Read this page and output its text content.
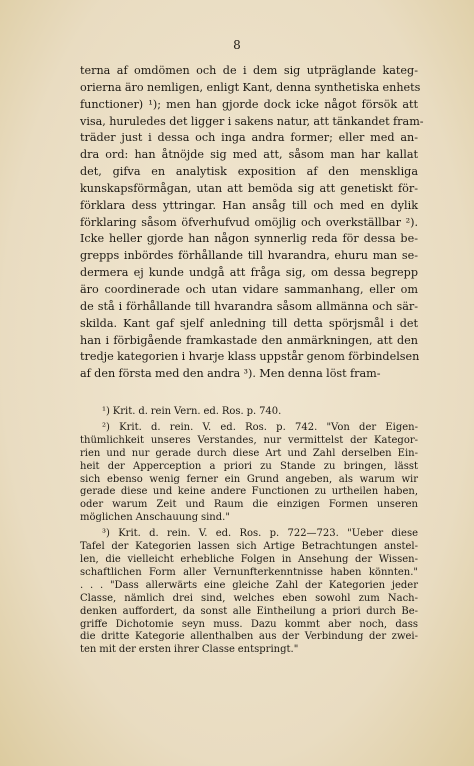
8
terna af omdömen och de i dem sig utpräglande kateg-
orierna äro nemligen, enligt Kant, denna synthetiska enhets
functioner) ¹); men han gjorde dock icke något försök att
visa, huruledes det ligger i sakens natur, att tänkandet fram-
träder just i dessa och inga andra former; eller med an-
dra ord: han åtnöjde sig med att, såsom man har kallat
det, gifva en analytisk exposition af den menskliga
kunskapsförmågan, utan att bemöda sig att genetiskt för-
förklara dess yttringar. Han ansåg till och med en dylik
förklaring såsom öfverhufvud omöjlig och overkställbar ²).
Icke heller gjorde han någon synnerlig reda för dessa be-
grepps inbördes förhållande till hvarandra, ehuru man se-
dermera ej kunde undgå att fråga sig, om dessa begrepp
äro coordinerade och utan vidare sammanhang, eller om
de stå i förhållande till hvarandra såsom allmänna och sär-
skilda. Kant gaf sjelf anledning till detta spörjsmål i det
han i förbigående framkastade den anmärkningen, att den
tredje kategorien i hvarje klass uppstår genom förbindelsen
af den första med den andra ³). Men denna löst fram-
¹) Krit. d. rein Vern. ed. Ros. p. 740.
²) Krit. d. rein. V. ed. Ros. p. 742. "Von der Eigen-
thümlichkeit unseres Verstandes, nur vermittelst der Kategor-
rien und nur gerade durch diese Art und Zahl derselben Ein-
heit der Apperception a priori zu Stande zu bringen, lässt
sich ebenso wenig ferner ein Grund angeben, als warum wir
gerade diese und keine andere Functionen zu urtheilen haben,
oder warum Zeit und Raum die einzigen Formen unseren
möglichen Anschauung sind."
³) Krit. d. rein. V. ed. Ros. p. 722—723. "Ueber diese
Tafel der Kategorien lassen sich Artige Betrachtungen anstel-
len, die vielleicht erhebliche Folgen in Ansehung der Wissen-
schaftlichen Form aller Vernunfterkenntnisse haben könnten."
. . . "Dass allerwärts eine gleiche Zahl der Kategorien jeder
Classe, nämlich drei sind, welches eben sowohl zum Nach-
denken auffordert, da sonst alle Eintheilung a priori durch Be-
griffe Dichotomie seyn muss. Dazu kommt aber noch, dass
die dritte Kategorie allenthalben aus der Verbindung der zwei-
ten mit der ersten ihrer Classe entspringt."
